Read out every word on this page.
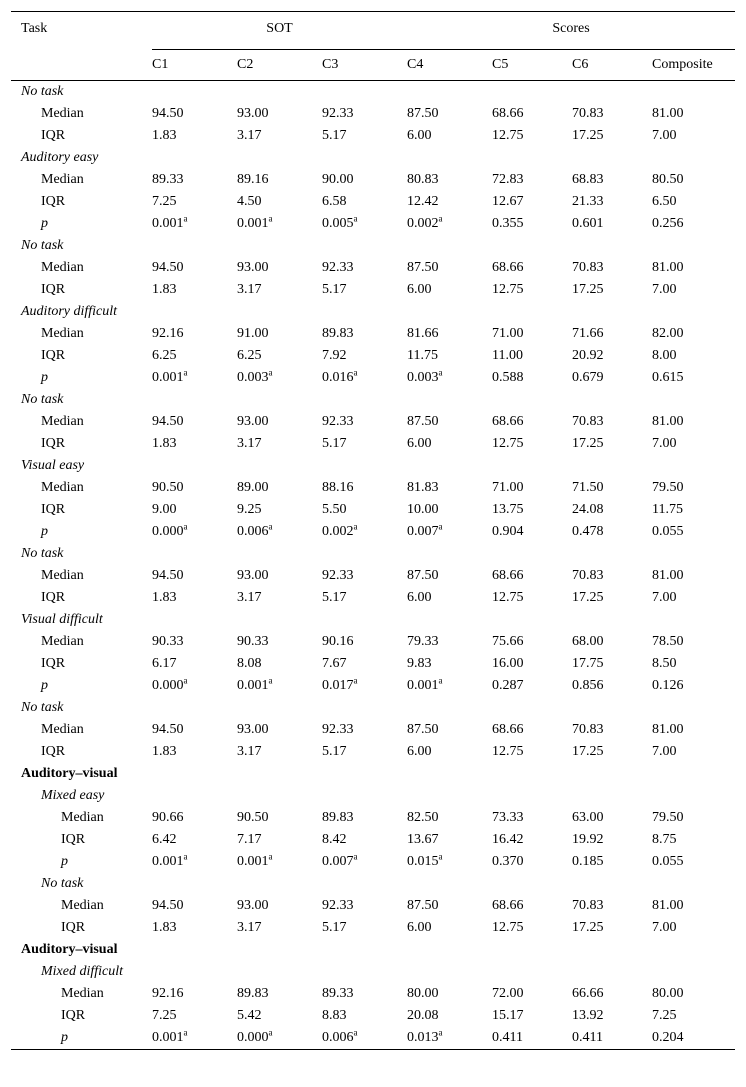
Task	SOT			Scores			
	C1	C2	C3	C4	C5	C6	Composite
No task							
Median	94.50	93.00	92.33	87.50	68.66	70.83	81.00
IQR	1.83	3.17	5.17	6.00	12.75	17.25	7.00
Auditory easy							
Median	89.33	89.16	90.00	80.83	72.83	68.83	80.50
IQR	7.25	4.50	6.58	12.42	12.67	21.33	6.50
p	0.001$^a$	0.001$^a$	0.005$^a$	0.002$^a$	0.355	0.601	0.256
No task							
Median	94.50	93.00	92.33	87.50	68.66	70.83	81.00
IQR	1.83	3.17	5.17	6.00	12.75	17.25	7.00
Auditory difficult							
Median	92.16	91.00	89.83	81.66	71.00	71.66	82.00
IQR	6.25	6.25	7.92	11.75	11.00	20.92	8.00
p	0.001$^a$	0.003$^a$	0.016$^a$	0.003$^a$	0.588	0.679	0.615
No task							
Median	94.50	93.00	92.33	87.50	68.66	70.83	81.00
IQR	1.83	3.17	5.17	6.00	12.75	17.25	7.00
Visual easy							
Median	90.50	89.00	88.16	81.83	71.00	71.50	79.50
IQR	9.00	9.25	5.50	10.00	13.75	24.08	11.75
p	0.000$^a$	0.006$^a$	0.002$^a$	0.007$^a$	0.904	0.478	0.055
No task							
Median	94.50	93.00	92.33	87.50	68.66	70.83	81.00
IQR	1.83	3.17	5.17	6.00	12.75	17.25	7.00
Visual difficult							
Median	90.33	90.33	90.16	79.33	75.66	68.00	78.50
IQR	6.17	8.08	7.67	9.83	16.00	17.75	8.50
p	0.000$^a$	0.001$^a$	0.017$^a$	0.001$^a$	0.287	0.856	0.126
No task							
Median	94.50	93.00	92.33	87.50	68.66	70.83	81.00
IQR	1.83	3.17	5.17	6.00	12.75	17.25	7.00
Auditory–visual							
Mixed easy							
Median	90.66	90.50	89.83	82.50	73.33	63.00	79.50
IQR	6.42	7.17	8.42	13.67	16.42	19.92	8.75
p	0.001$^a$	0.001$^a$	0.007$^a$	0.015$^a$	0.370	0.185	0.055
No task							
Median	94.50	93.00	92.33	87.50	68.66	70.83	81.00
IQR	1.83	3.17	5.17	6.00	12.75	17.25	7.00
Auditory–visual							
Mixed difficult							
Median	92.16	89.83	89.33	80.00	72.00	66.66	80.00
IQR	7.25	5.42	8.83	20.08	15.17	13.92	7.25
p	0.001$^a$	0.000$^a$	0.006$^a$	0.013$^a$	0.411	0.411	0.204
